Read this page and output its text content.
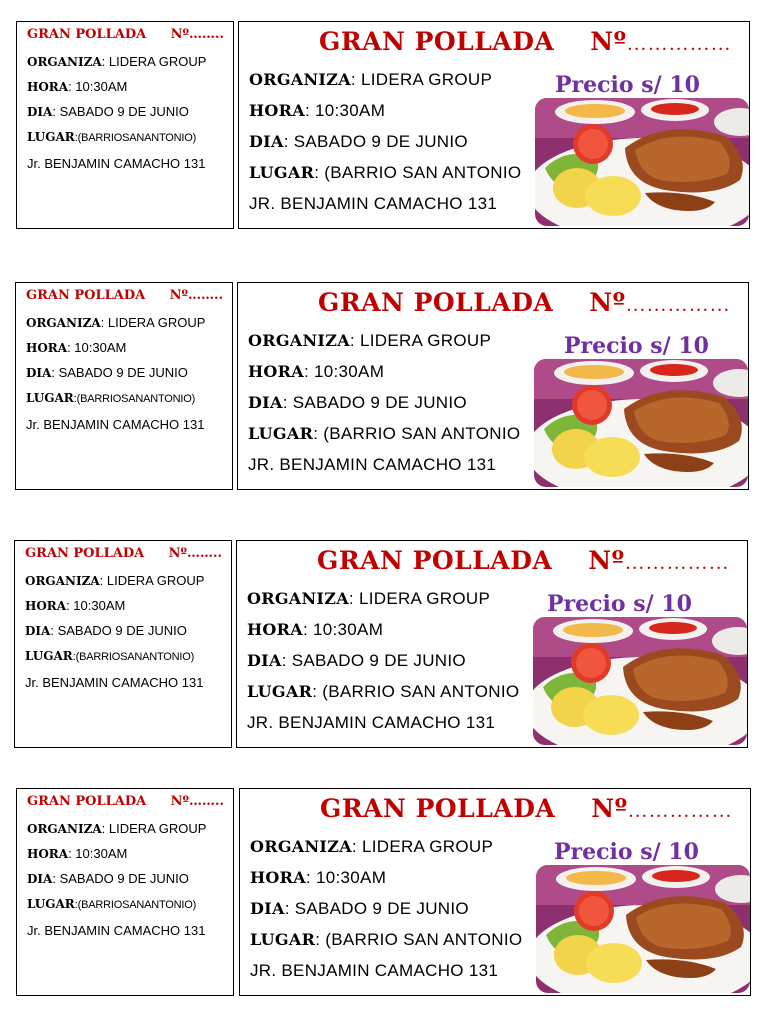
GRAN POLLADA Nº……..
ORGANIZA: LIDERA GROUP
HORA: 10:30AM
DIA: SABADO 9 DE JUNIO
LUGAR:(BARRIOSANANTONIO)
Jr. BENJAMIN CAMACHO 131
GRAN POLLADA Nº……………
ORGANIZA: LIDERA GROUP
HORA: 10:30AM
DIA: SABADO 9 DE JUNIO
LUGAR: (BARRIO SAN ANTONIO
JR. BENJAMIN CAMACHO 131
Precio s/ 10
GRAN POLLADA Nº……..
ORGANIZA: LIDERA GROUP
HORA: 10:30AM
DIA: SABADO 9 DE JUNIO
LUGAR:(BARRIOSANANTONIO)
Jr. BENJAMIN CAMACHO 131
GRAN POLLADA Nº……………
ORGANIZA: LIDERA GROUP
HORA: 10:30AM
DIA: SABADO 9 DE JUNIO
LUGAR: (BARRIO SAN ANTONIO
JR. BENJAMIN CAMACHO 131
Precio s/ 10
GRAN POLLADA Nº……..
ORGANIZA: LIDERA GROUP
HORA: 10:30AM
DIA: SABADO 9 DE JUNIO
LUGAR:(BARRIOSANANTONIO)
Jr. BENJAMIN CAMACHO 131
GRAN POLLADA Nº……………
ORGANIZA: LIDERA GROUP
HORA: 10:30AM
DIA: SABADO 9 DE JUNIO
LUGAR: (BARRIO SAN ANTONIO
JR. BENJAMIN CAMACHO 131
Precio s/ 10
GRAN POLLADA Nº……..
ORGANIZA: LIDERA GROUP
HORA: 10:30AM
DIA: SABADO 9 DE JUNIO
LUGAR:(BARRIOSANANTONIO)
Jr. BENJAMIN CAMACHO 131
GRAN POLLADA Nº……………
ORGANIZA: LIDERA GROUP
HORA: 10:30AM
DIA: SABADO 9 DE JUNIO
LUGAR: (BARRIO SAN ANTONIO
JR. BENJAMIN CAMACHO 131
Precio s/ 10
